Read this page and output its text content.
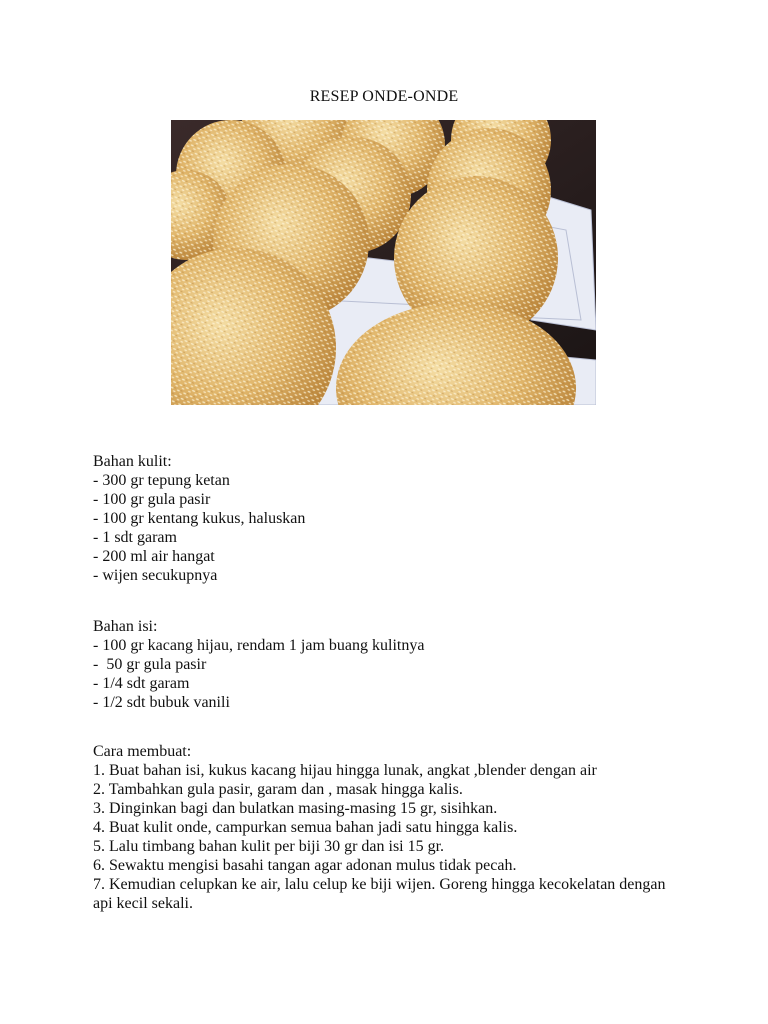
RESEP ONDE-ONDE
Bahan kulit:
- 300 gr tepung ketan
- 100 gr gula pasir
- 100 gr kentang kukus, haluskan
- 1 sdt garam
- 200 ml air hangat
- wijen secukupnya
Bahan isi:
- 100 gr kacang hijau, rendam 1 jam buang kulitnya
-  50 gr gula pasir
- 1/4 sdt garam
- 1/2 sdt bubuk vanili
Cara membuat:
1. Buat bahan isi, kukus kacang hijau hingga lunak, angkat ,blender dengan air
2. Tambahkan gula pasir, garam dan , masak hingga kalis.
3. Dinginkan bagi dan bulatkan masing-masing 15 gr, sisihkan.
4. Buat kulit onde, campurkan semua bahan jadi satu hingga kalis.
5. Lalu timbang bahan kulit per biji 30 gr dan isi 15 gr.
6. Sewaktu mengisi basahi tangan agar adonan mulus tidak pecah.
7. Kemudian celupkan ke air, lalu celup ke biji wijen. Goreng hingga kecokelatan dengan api kecil sekali.
